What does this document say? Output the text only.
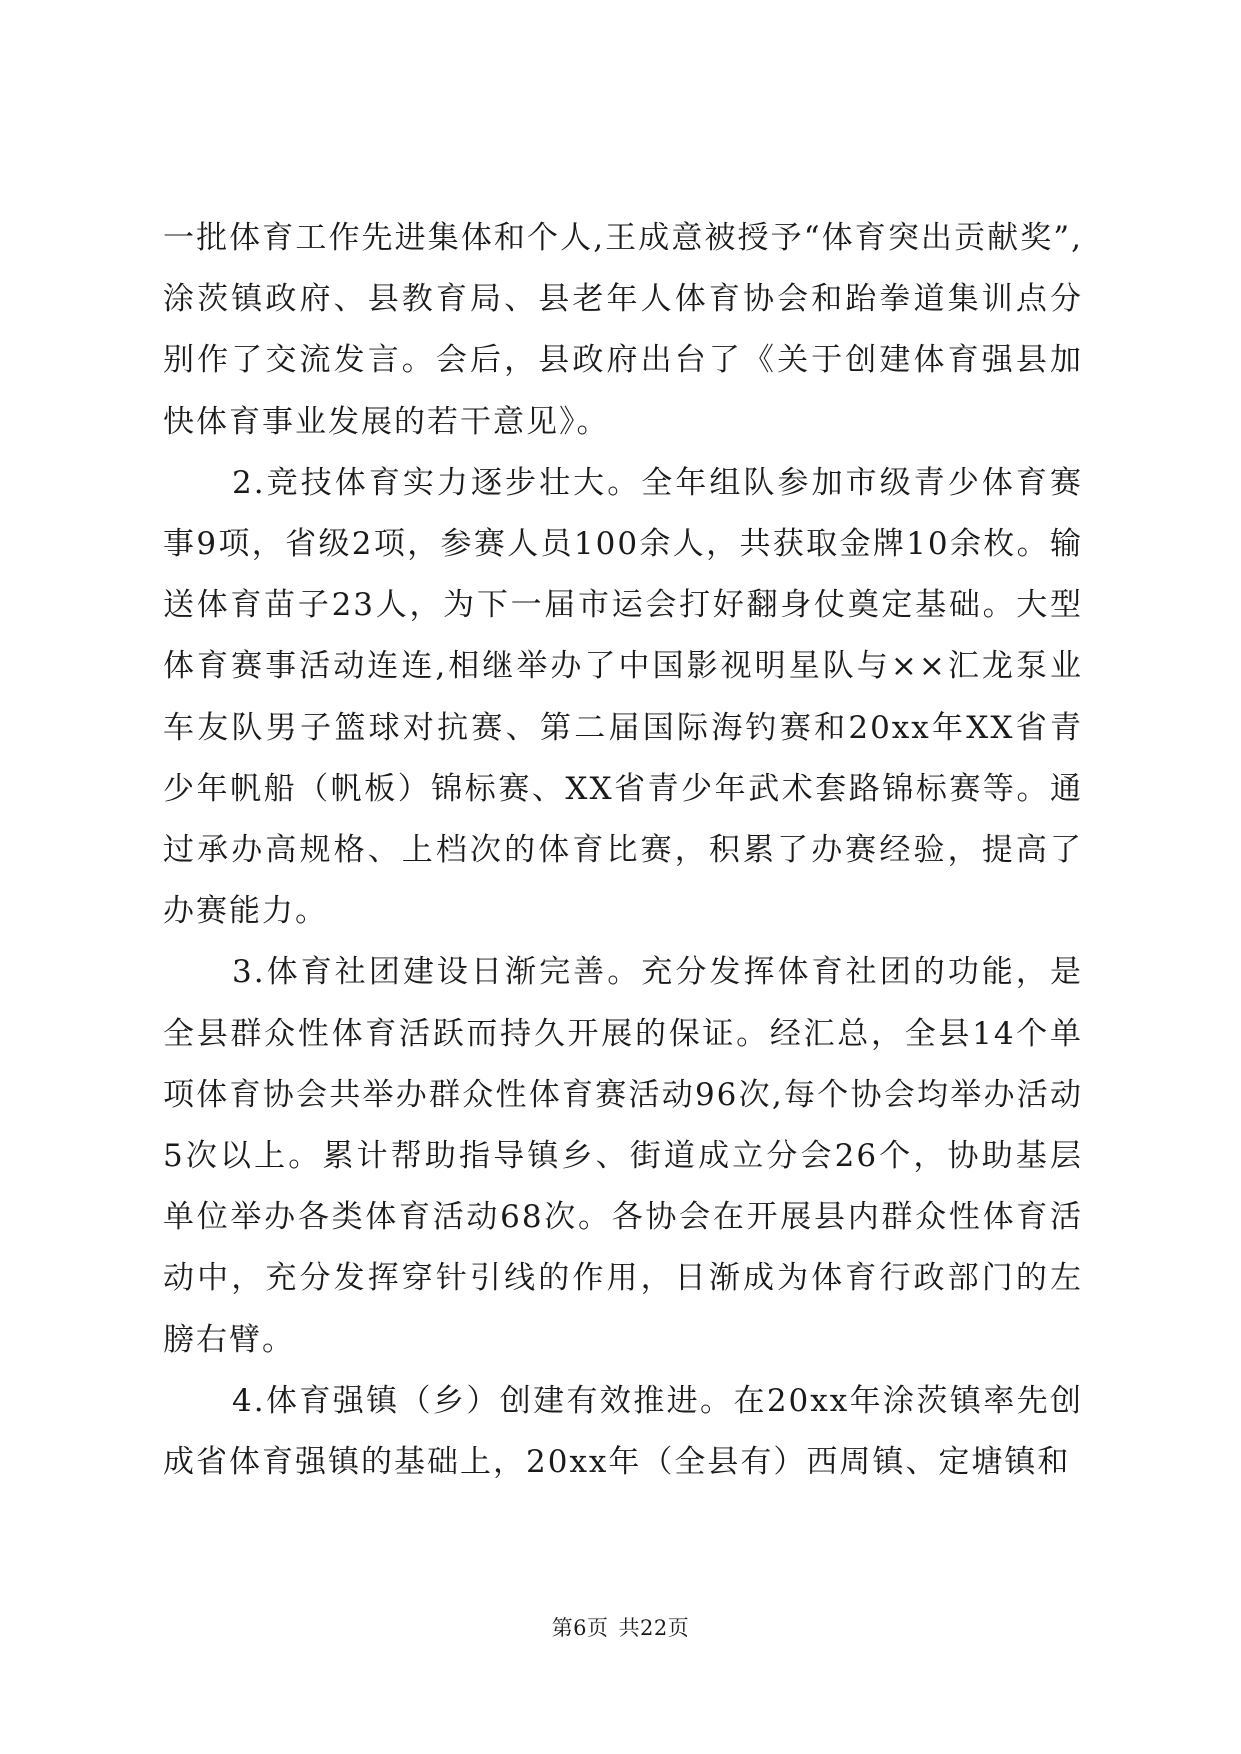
一批体育工作先进集体和个人,王成意被授予“体育突出贡献奖”,涂茨镇政府、县教育局、县老年人体育协会和跆拳道集训点分别作了交流发言。会后，县政府出台了《关于创建体育强县加快体育事业发展的若干意见》。

2.竞技体育实力逐步壮大。全年组队参加市级青少体育赛事9项，省级2项，参赛人员100余人，共获取金牌10余枚。输送体育苗子23人，为下一届市运会打好翻身仗奠定基础。大型体育赛事活动连连,相继举办了中国影视明星队与××汇龙泵业车友队男子篮球对抗赛、第二届国际海钓赛和20xx年XX省青少年帆船（帆板）锦标赛、XX省青少年武术套路锦标赛等。通过承办高规格、上档次的体育比赛，积累了办赛经验，提高了办赛能力。

3.体育社团建设日渐完善。充分发挥体育社团的功能，是全县群众性体育活跃而持久开展的保证。经汇总，全县14个单项体育协会共举办群众性体育赛活动96次,每个协会均举办活动5次以上。累计帮助指导镇乡、街道成立分会26个，协助基层单位举办各类体育活动68次。各协会在开展县内群众性体育活动中，充分发挥穿针引线的作用，日渐成为体育行政部门的左膀右臂。

4.体育强镇（乡）创建有效推进。在20xx年涂茨镇率先创成省体育强镇的基础上，20xx年（全县有）西周镇、定塘镇和

第6页 共22页
